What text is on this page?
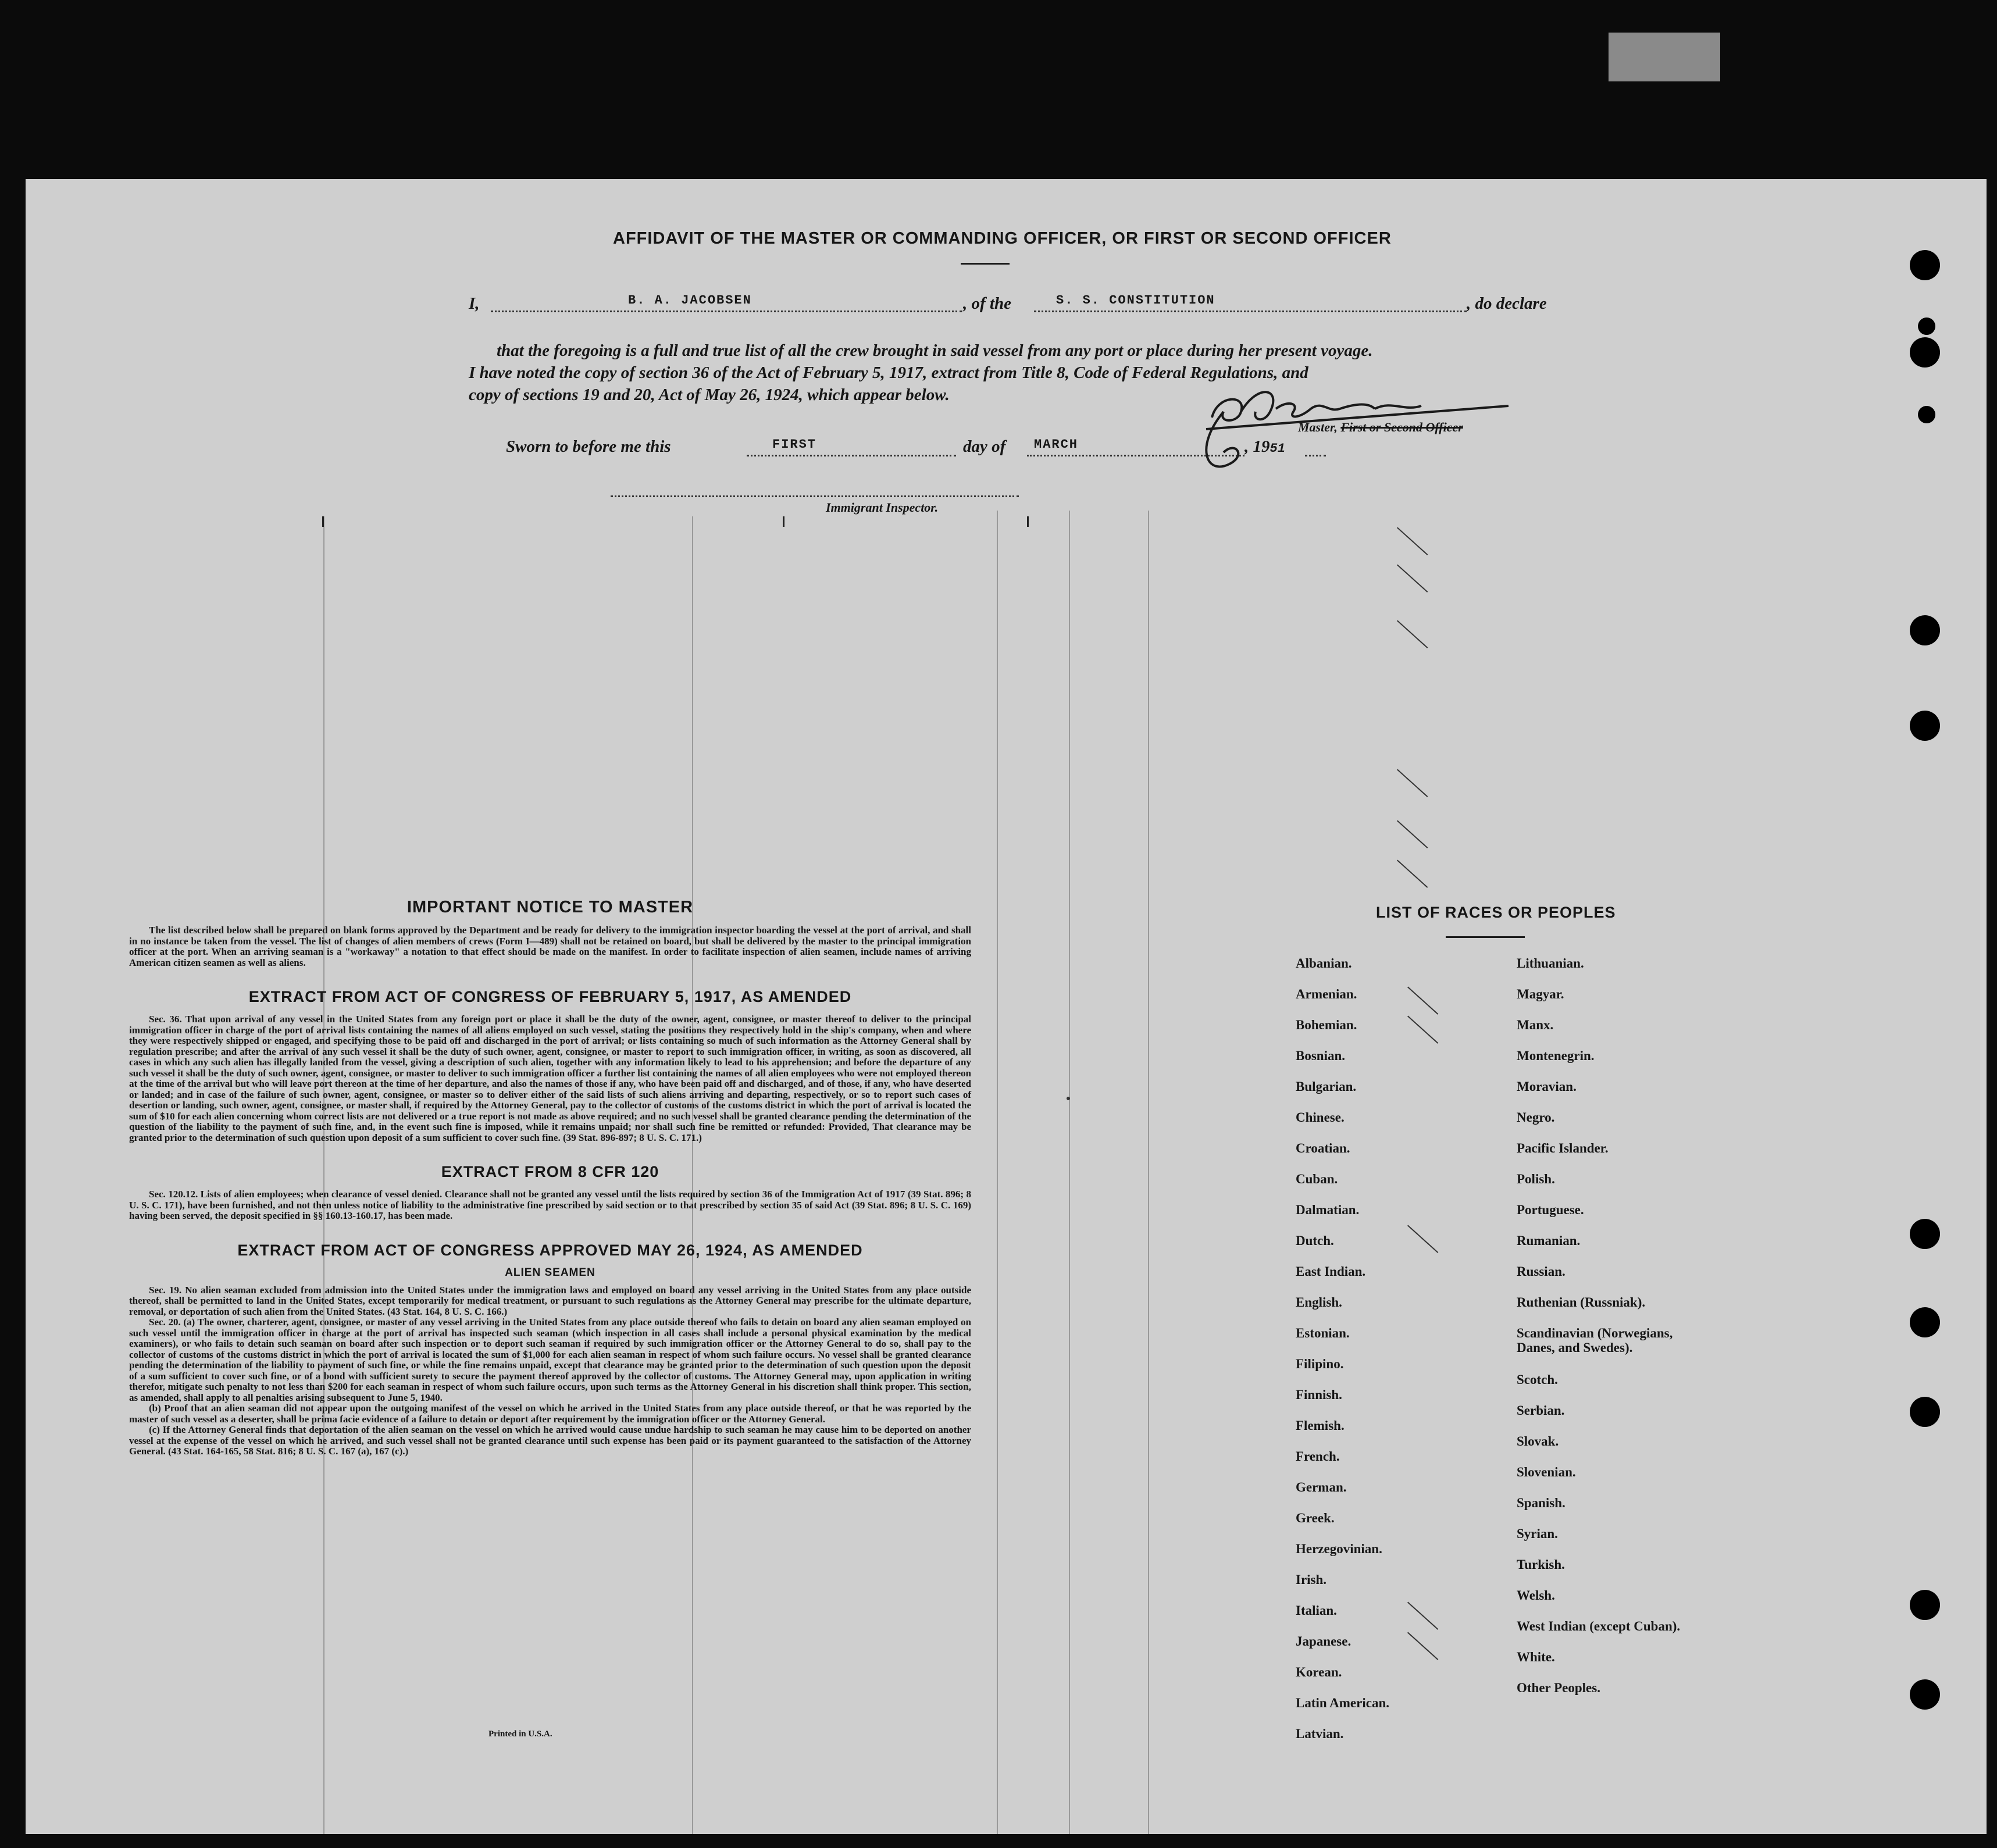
AFFIDAVIT OF THE MASTER OR COMMANDING OFFICER, OR FIRST OR SECOND OFFICER
I,	B. A. JACOBSEN	, of the	S. S. CONSTITUTION	, do declare
that the foregoing is a full and true list of all the crew brought in said vessel from any port or place during her present voyage.
I have noted the copy of section 36 of the Act of February 5, 1917, extract from Title 8, Code of Federal Regulations, and
copy of sections 19 and 20, Act of May 26, 1924, which appear below.
Master, First or Second Officer
Sworn to before me this	FIRST	day of MARCH	, 1951
Immigrant Inspector.
IMPORTANT NOTICE TO MASTER

The list described below shall be prepared on blank forms approved by the Department and be ready for delivery to the immigration inspector boarding the vessel at the port of arrival, and shall in no instance be taken from the vessel. The list of changes of alien members of crews (Form I—489) shall not be retained on board, but shall be delivered by the master to the principal immigration officer at the port. When an arriving seaman is a "workaway" a notation to that effect should be made on the manifest. In order to facilitate inspection of alien seamen, include names of arriving American citizen seamen as well as aliens.

EXTRACT FROM ACT OF CONGRESS OF FEBRUARY 5, 1917, AS AMENDED

Sec. 36. That upon arrival of any vessel in the United States from any foreign port or place it shall be the duty of the owner, agent, consignee, or master thereof to deliver to the principal immigration officer in charge of the port of arrival lists containing the names of all aliens employed on such vessel, stating the positions they respectively hold in the ship's company, when and where they were respectively shipped or engaged, and specifying those to be paid off and discharged in the port of arrival; or lists containing so much of such information as the Attorney General shall by regulation prescribe; and after the arrival of any such vessel it shall be the duty of such owner, agent, consignee, or master to report to such immigration officer, in writing, as soon as discovered, all cases in which any such alien has illegally landed from the vessel, giving a description of such alien, together with any information likely to lead to his apprehension; and before the departure of any such vessel it shall be the duty of such owner, agent, consignee, or master to deliver to such immigration officer a further list containing the names of all alien employees who were not employed thereon at the time of the arrival but who will leave port thereon at the time of her departure, and also the names of those if any, who have been paid off and discharged, and of those, if any, who have deserted or landed; and in case of the failure of such owner, agent, consignee, or master so to deliver either of the said lists of such aliens arriving and departing, respectively, or so to report such cases of desertion or landing, such owner, agent, consignee, or master shall, if required by the Attorney General, pay to the collector of customs of the customs district in which the port of arrival is located the sum of $10 for each alien concerning whom correct lists are not delivered or a true report is not made as above required; and no such vessel shall be granted clearance pending the determination of the question of the liability to the payment of such fine, and, in the event such fine is imposed, while it remains unpaid; nor shall such fine be remitted or refunded: Provided, That clearance may be granted prior to the determination of such question upon deposit of a sum sufficient to cover such fine. (39 Stat. 896-897; 8 U. S. C. 171.)

EXTRACT FROM 8 CFR 120

Sec. 120.12. Lists of alien employees; when clearance of vessel denied. Clearance shall not be granted any vessel until the lists required by section 36 of the Immigration Act of 1917 (39 Stat. 896; 8 U. S. C. 171), have been furnished, and not then unless notice of liability to the administrative fine prescribed by said section or to that prescribed by section 35 of said Act (39 Stat. 896; 8 U. S. C. 169) having been served, the deposit specified in §§ 160.13-160.17, has been made.

EXTRACT FROM ACT OF CONGRESS APPROVED MAY 26, 1924, AS AMENDED
ALIEN SEAMEN

Sec. 19. No alien seaman excluded from admission into the United States under the immigration laws and employed on board any vessel arriving in the United States from any place outside thereof, shall be permitted to land in the United States, except temporarily for medical treatment, or pursuant to such regulations as the Attorney General may prescribe for the ultimate departure, removal, or deportation of such alien from the United States. (43 Stat. 164, 8 U. S. C. 166.)

Sec. 20. (a) The owner, charterer, agent, consignee, or master of any vessel arriving in the United States from any place outside thereof who fails to detain on board any alien seaman employed on such vessel until the immigration officer in charge at the port of arrival has inspected such seaman (which inspection in all cases shall include a personal physical examination by the medical examiners), or who fails to detain such seaman on board after such inspection or to deport such seaman if required by such immigration officer or the Attorney General to do so, shall pay to the collector of customs of the customs district in which the port of arrival is located the sum of $1,000 for each alien seaman in respect of whom such failure occurs. No vessel shall be granted clearance pending the determination of the liability to payment of such fine, or while the fine remains unpaid, except that clearance may be granted prior to the determination of such question upon the deposit of a sum sufficient to cover such fine, or of a bond with sufficient surety to secure the payment thereof approved by the collector of customs. The Attorney General may, upon application in writing therefor, mitigate such penalty to not less than $200 for each seaman in respect of whom such failure occurs, upon such terms as the Attorney General in his discretion shall think proper. This section, as amended, shall apply to all penalties arising subsequent to June 5, 1940.

(b) Proof that an alien seaman did not appear upon the outgoing manifest of the vessel on which he arrived in the United States from any place outside thereof, or that he was reported by the master of such vessel as a deserter, shall be prima facie evidence of a failure to detain or deport after requirement by the immigration officer or the Attorney General.

(c) If the Attorney General finds that deportation of the alien seaman on the vessel on which he arrived would cause undue hardship to such seaman he may cause him to be deported on another vessel at the expense of the vessel on which he arrived, and such vessel shall not be granted clearance until such expense has been paid or its payment guaranteed to the satisfaction of the Attorney General. (43 Stat. 164-165, 58 Stat. 816; 8 U. S. C. 167 (a), 167 (c).)

Printed in U.S.A.
LIST OF RACES OR PEOPLES
Albanian.
Armenian.
Bohemian.
Bosnian.
Bulgarian.
Chinese.
Croatian.
Cuban.
Dalmatian.
Dutch.
East Indian.
English.
Estonian.
Filipino.
Finnish.
Flemish.
French.
German.
Greek.
Herzegovinian.
Irish.
Italian.
Japanese.
Korean.
Latin American.
Latvian.
Lithuanian.
Magyar.
Manx.
Montenegrin.
Moravian.
Negro.
Pacific Islander.
Polish.
Portuguese.
Rumanian.
Russian.
Ruthenian (Russniak).
Scandinavian (Norwegians, Danes, and Swedes).
Scotch.
Serbian.
Slovak.
Slovenian.
Spanish.
Syrian.
Turkish.
Welsh.
West Indian (except Cuban).
White.
Other Peoples.
